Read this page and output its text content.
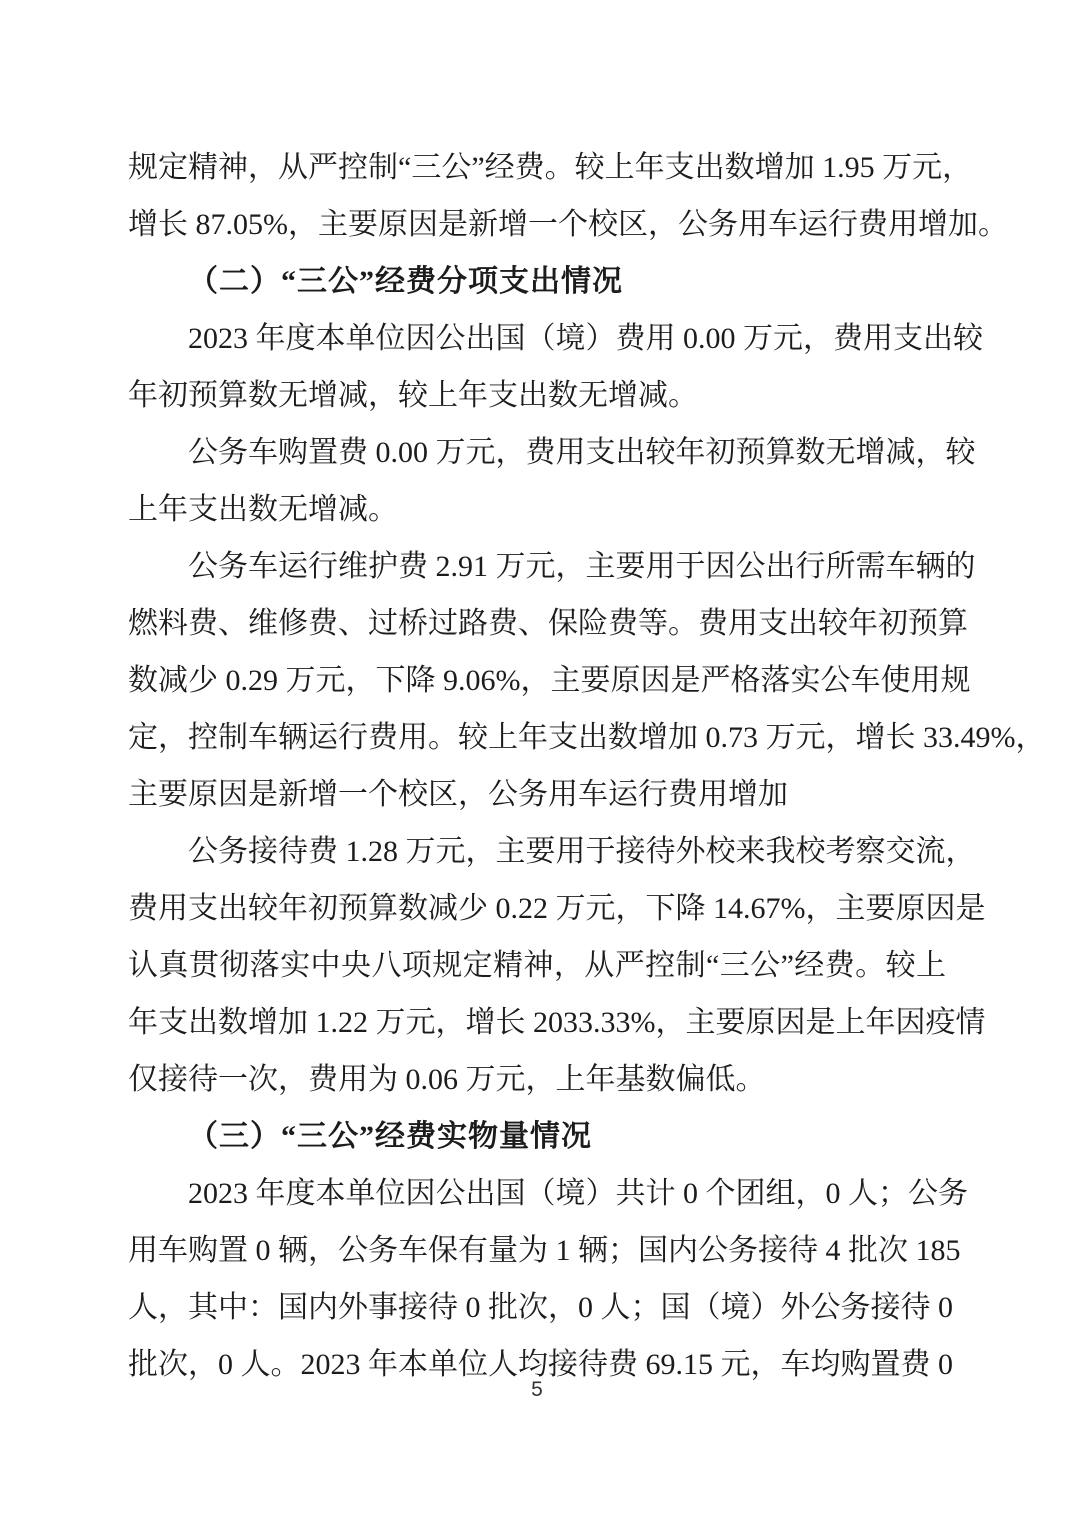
规定精神，从严控制“三公”经费。较上年支出数增加 1.95 万元，
增长 87.05%，主要原因是新增一个校区，公务用车运行费用增加。
（二）“三公”经费分项支出情况
2023 年度本单位因公出国（境）费用 0.00 万元，费用支出较
年初预算数无增减，较上年支出数无增减。
公务车购置费 0.00 万元，费用支出较年初预算数无增减，较
上年支出数无增减。
公务车运行维护费 2.91 万元，主要用于因公出行所需车辆的
燃料费、维修费、过桥过路费、保险费等。费用支出较年初预算
数减少 0.29 万元，下降 9.06%，主要原因是严格落实公车使用规
定，控制车辆运行费用。较上年支出数增加 0.73 万元，增长 33.49%，
主要原因是新增一个校区，公务用车运行费用增加
公务接待费 1.28 万元，主要用于接待外校来我校考察交流，
费用支出较年初预算数减少 0.22 万元，下降 14.67%，主要原因是
认真贯彻落实中央八项规定精神，从严控制“三公”经费。较上
年支出数增加 1.22 万元，增长 2033.33%，主要原因是上年因疫情
仅接待一次，费用为 0.06 万元，上年基数偏低。
（三）“三公”经费实物量情况
2023 年度本单位因公出国（境）共计 0 个团组，0 人；公务
用车购置 0 辆，公务车保有量为 1 辆；国内公务接待 4 批次 185
人，其中：国内外事接待 0 批次，0 人；国（境）外公务接待 0
批次，0 人。2023 年本单位人均接待费 69.15 元，车均购置费 0
5
